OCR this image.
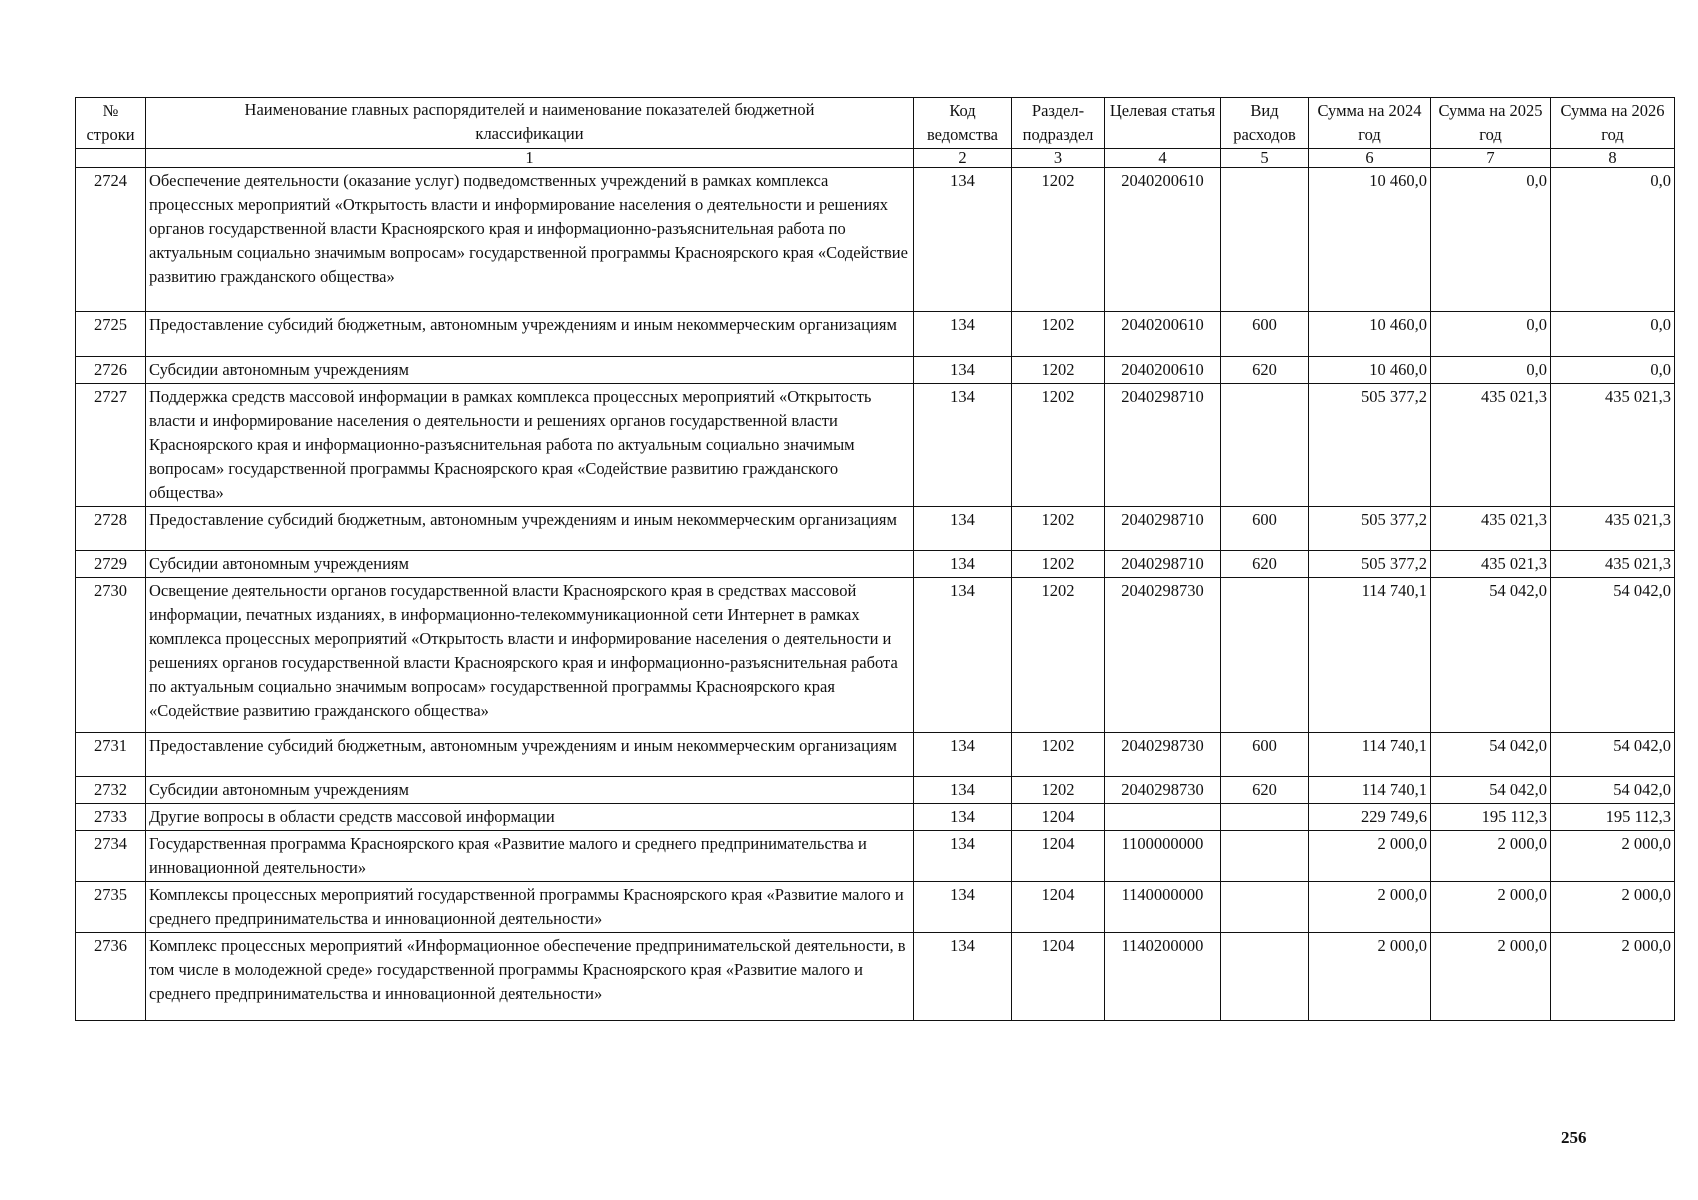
№ строки	Наименование главных распорядителей и наименование показателей бюджетной классификации	Код ведомства	Раздел-подраздел	Целевая статья	Вид расходов	Сумма на 2024 год	Сумма на 2025 год	Сумма на 2026 год
	1	2	3	4	5	6	7	8
2724	Обеспечение деятельности (оказание услуг) подведомственных учреждений в рамках комплекса процессных мероприятий «Открытость власти и информирование населения о деятельности и решениях органов государственной власти Красноярского края и информационно-разъяснительная работа по актуальным социально значимым вопросам» государственной программы Красноярского края «Содействие развитию гражданского общества»	134	1202	2040200610		10 460,0	0,0	0,0
2725	Предоставление субсидий бюджетным, автономным учреждениям и иным некоммерческим организациям	134	1202	2040200610	600	10 460,0	0,0	0,0
2726	Субсидии автономным учреждениям	134	1202	2040200610	620	10 460,0	0,0	0,0
2727	Поддержка средств массовой информации в рамках комплекса процессных мероприятий «Открытость власти и информирование населения о деятельности и решениях органов государственной власти Красноярского края и информационно-разъяснительная работа по актуальным социально значимым вопросам» государственной программы Красноярского края «Содействие развитию гражданского общества»	134	1202	2040298710		505 377,2	435 021,3	435 021,3
2728	Предоставление субсидий бюджетным, автономным учреждениям и иным некоммерческим организациям	134	1202	2040298710	600	505 377,2	435 021,3	435 021,3
2729	Субсидии автономным учреждениям	134	1202	2040298710	620	505 377,2	435 021,3	435 021,3
2730	Освещение деятельности органов государственной власти Красноярского края в средствах массовой информации, печатных изданиях, в информационно-телекоммуникационной сети Интернет в рамках комплекса процессных мероприятий «Открытость власти и информирование населения о деятельности и решениях органов государственной власти Красноярского края и информационно-разъяснительная работа по актуальным социально значимым вопросам» государственной программы Красноярского края «Содействие развитию гражданского общества»	134	1202	2040298730		114 740,1	54 042,0	54 042,0
2731	Предоставление субсидий бюджетным, автономным учреждениям и иным некоммерческим организациям	134	1202	2040298730	600	114 740,1	54 042,0	54 042,0
2732	Субсидии автономным учреждениям	134	1202	2040298730	620	114 740,1	54 042,0	54 042,0
2733	Другие вопросы в области средств массовой информации	134	1204			229 749,6	195 112,3	195 112,3
2734	Государственная программа Красноярского края «Развитие малого и среднего предпринимательства и инновационной деятельности»	134	1204	1100000000		2 000,0	2 000,0	2 000,0
2735	Комплексы процессных мероприятий государственной программы Красноярского края «Развитие малого и среднего предпринимательства и инновационной деятельности»	134	1204	1140000000		2 000,0	2 000,0	2 000,0
2736	Комплекс процессных мероприятий «Информационное обеспечение предпринимательской деятельности, в том числе в молодежной среде» государственной программы Красноярского края «Развитие малого и среднего предпринимательства и инновационной деятельности»	134	1204	1140200000		2 000,0	2 000,0	2 000,0
256
